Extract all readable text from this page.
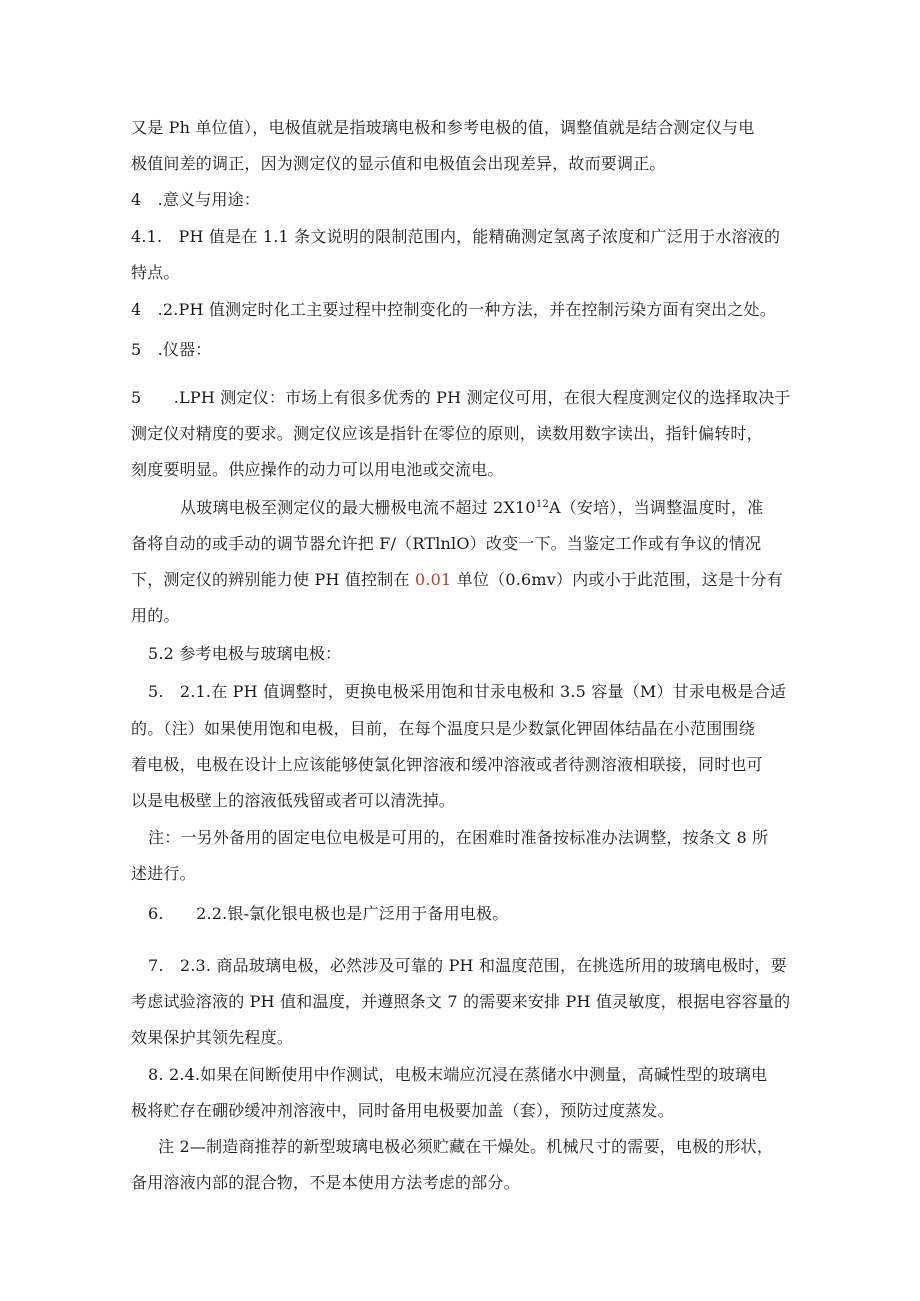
又是 Ph 单位值），电极值就是指玻璃电极和参考电极的值，调整值就是结合测定仪与电
极值间差的调正，因为测定仪的显示值和电极值会出现差异，故而要调正。
4　.意义与用途：
4.1.　PH 值是在 1.1 条文说明的限制范围内，能精确测定氢离子浓度和广泛用于水溶液的
特点。
4　.2.PH 值测定时化工主要过程中控制变化的一种方法，并在控制污染方面有突出之处。
5　.仪器：
5　　.LPH 测定仪：市场上有很多优秀的 PH 测定仪可用，在很大程度测定仪的选择取决于
测定仪对精度的要求。测定仪应该是指针在零位的原则，读数用数字读出，指针偏转时，
刻度要明显。供应操作的动力可以用电池或交流电。
从玻璃电极至测定仪的最大栅极电流不超过 $2X10^{12}A$（安培），当调整温度时，准
备将自动的或手动的调节器允许把 F/（RTlnlO）改变一下。当鉴定工作或有争议的情况
下，测定仪的辨别能力使 PH 值控制在 0.01 单位（0.6mv）内或小于此范围，这是十分有
用的。
5.2 参考电极与玻璃电极：
5.　2.1.在 PH 值调整时，更换电极采用饱和甘汞电极和 3.5 容量（M）甘汞电极是合适
的。（注）如果使用饱和电极，目前，在每个温度只是少数氯化钾固体结晶在小范围围绕
着电极，电极在设计上应该能够使氯化钾溶液和缓冲溶液或者待测溶液相联接，同时也可
以是电极壁上的溶液低残留或者可以清洗掉。
注：一另外备用的固定电位电极是可用的，在困难时准备按标准办法调整，按条文 8 所
述进行。
6.　　2.2.银-氯化银电极也是广泛用于备用电极。
7.　2.3. 商品玻璃电极，必然涉及可靠的 PH 和温度范围，在挑选所用的玻璃电极时，要
考虑试验溶液的 PH 值和温度，并遵照条文 7 的需要来安排 PH 值灵敏度，根据电容容量的
效果保护其领先程度。
8. 2.4.如果在间断使用中作测试，电极末端应沉浸在蒸储水中测量，高碱性型的玻璃电
极将贮存在硼砂缓冲剂溶液中，同时备用电极要加盖（套），预防过度蒸发。
注 2—制造商推荐的新型玻璃电极必须贮藏在干燥处。机械尺寸的需要，电极的形状，
备用溶液内部的混合物，不是本使用方法考虑的部分。
